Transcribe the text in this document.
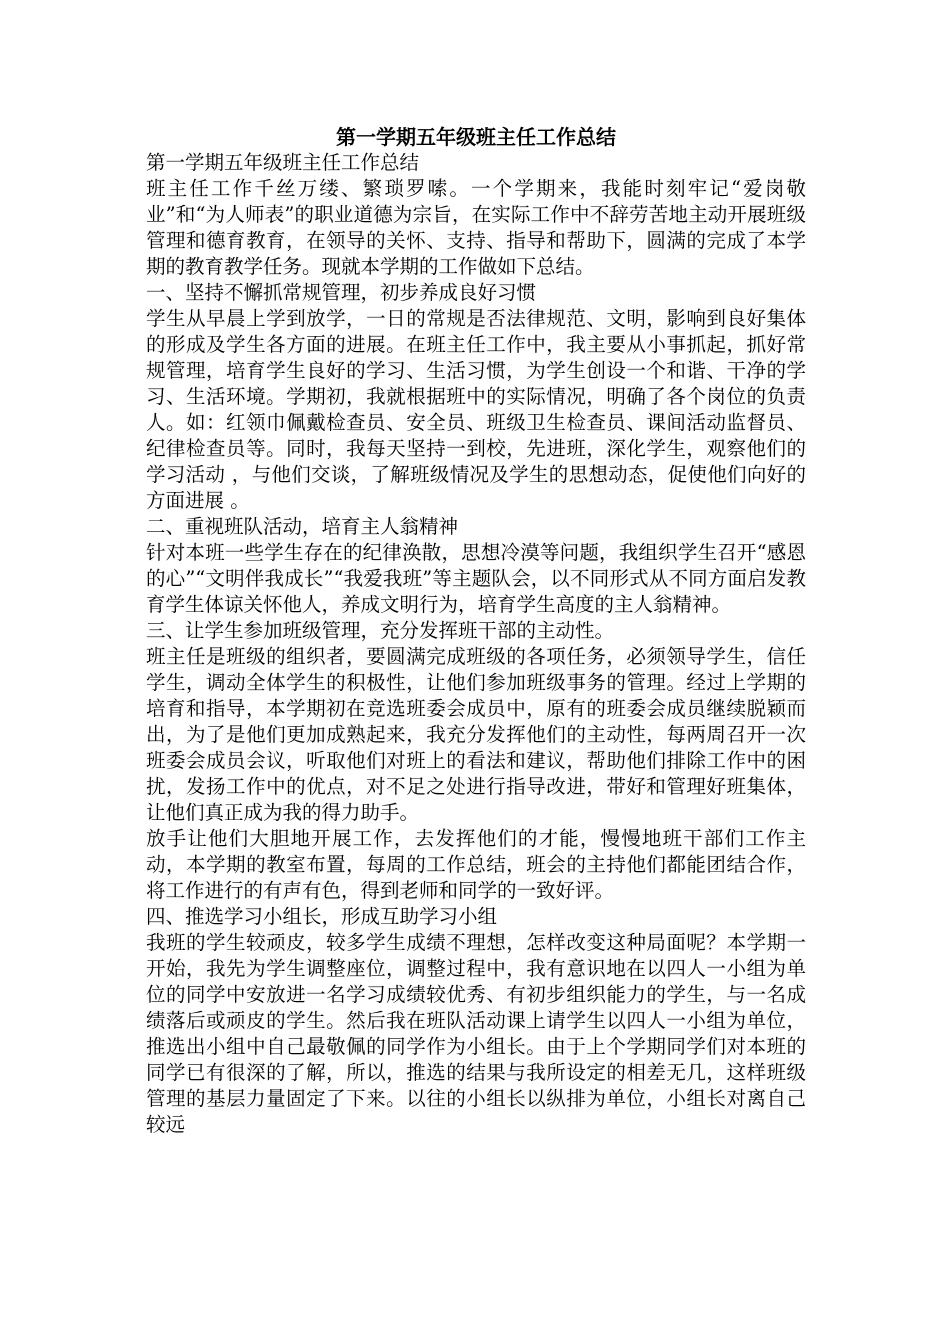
第一学期五年级班主任工作总结

第一学期五年级班主任工作总结

班主任工作千丝万缕、繁琐罗嗦。一个学期来，我能时刻牢记“爱岗敬业”和“为人师表”的职业道德为宗旨，在实际工作中不辞劳苦地主动开展班级管理和德育教育，在领导的关怀、支持、指导和帮助下，圆满的完成了本学期的教育教学任务。现就本学期的工作做如下总结。

一、坚持不懈抓常规管理，初步养成良好习惯

学生从早晨上学到放学，一日的常规是否法律规范、文明，影响到良好集体的形成及学生各方面的进展。在班主任工作中，我主要从小事抓起，抓好常规管理，培育学生良好的学习、生活习惯，为学生创设一个和谐、干净的学习、生活环境。学期初，我就根据班中的实际情况，明确了各个岗位的负责人。如：红领巾佩戴检查员、安全员、班级卫生检查员、课间活动监督员、纪律检查员等。同时，我每天坚持一到校，先进班，深化学生，观察他们的学习活动 ，与他们交谈，了解班级情况及学生的思想动态，促使他们向好的方面进展 。

二、重视班队活动，培育主人翁精神

针对本班一些学生存在的纪律涣散，思想冷漠等问题，我组织学生召开“感恩的心”“文明伴我成长”“我爱我班”等主题队会，以不同形式从不同方面启发教育学生体谅关怀他人，养成文明行为，培育学生高度的主人翁精神。

三、让学生参加班级管理，充分发挥班干部的主动性。

班主任是班级的组织者，要圆满完成班级的各项任务，必须领导学生，信任学生，调动全体学生的积极性，让他们参加班级事务的管理。经过上学期的培育和指导，本学期初在竞选班委会成员中，原有的班委会成员继续脱颖而出，为了是他们更加成熟起来，我充分发挥他们的主动性，每两周召开一次班委会成员会议，听取他们对班上的看法和建议，帮助他们排除工作中的困扰，发扬工作中的优点，对不足之处进行指导改进，带好和管理好班集体，让他们真正成为我的得力助手。

放手让他们大胆地开展工作，去发挥他们的才能，慢慢地班干部们工作主动，本学期的教室布置，每周的工作总结，班会的主持他们都能团结合作，将工作进行的有声有色，得到老师和同学的一致好评。

四、推选学习小组长，形成互助学习小组

我班的学生较顽皮，较多学生成绩不理想，怎样改变这种局面呢？本学期一开始，我先为学生调整座位，调整过程中，我有意识地在以四人一小组为单位的同学中安放进一名学习成绩较优秀、有初步组织能力的学生，与一名成绩落后或顽皮的学生。然后我在班队活动课上请学生以四人一小组为单位，推选出小组中自己最敬佩的同学作为小组长。由于上个学期同学们对本班的同学已有很深的了解，所以，推选的结果与我所设定的相差无几，这样班级管理的基层力量固定了下来。以往的小组长以纵排为单位，小组长对离自己较远
